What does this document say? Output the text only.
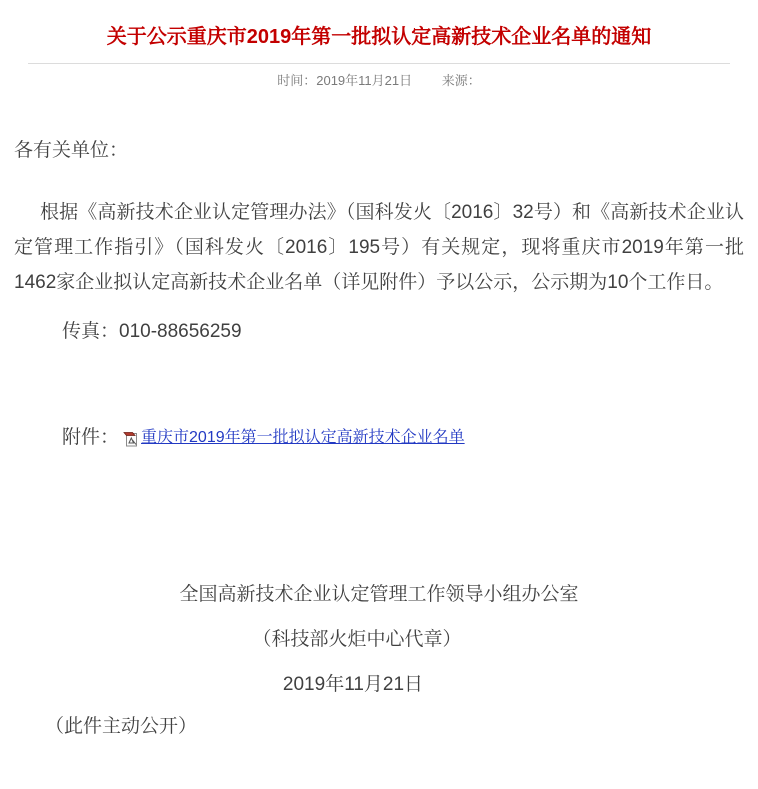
关于公示重庆市2019年第一批拟认定高新技术企业名单的通知
时间：2019年11月21日 来源：
各有关单位：
根据《高新技术企业认定管理办法》（国科发火〔2016〕32号）和《高新技术企业认定管理工作指引》（国科发火〔2016〕195号）有关规定，现将重庆市2019年第一批1462家企业拟认定高新技术企业名单（详见附件）予以公示，公示期为10个工作日。
传真：010-88656259
附件： 重庆市2019年第一批拟认定高新技术企业名单
全国高新技术企业认定管理工作领导小组办公室
（科技部火炬中心代章）
2019年11月21日
（此件主动公开）
